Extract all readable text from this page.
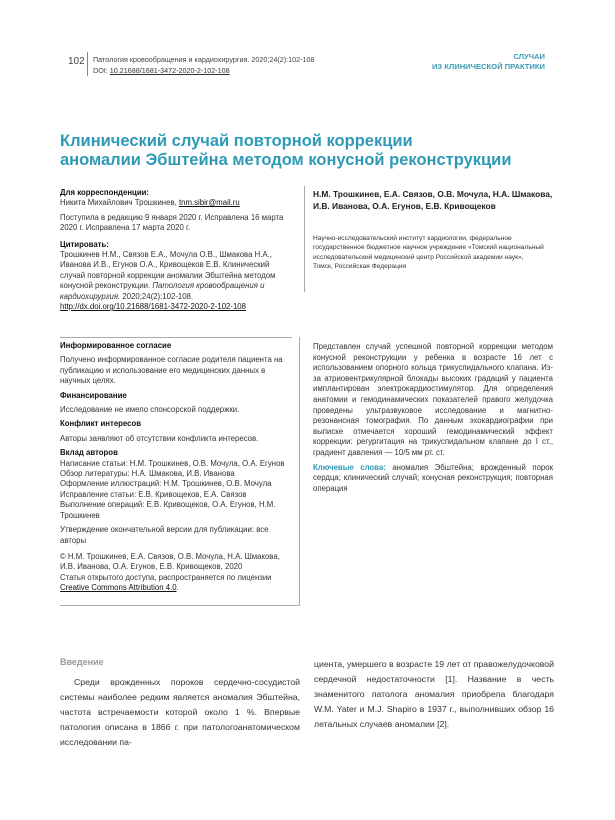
102 Патология кровообращения и кардиохирургия. 2020;24(2):102-108
DOI: 10.21688/1681-3472-2020-2-102-108
СЛУЧАИ
ИЗ КЛИНИЧЕСКОЙ ПРАКТИКИ
Клинический случай повторной коррекции
аномалии Эбштейна методом конусной реконструкции

Для корреспонденции:

Никита Михайлович Трошкинев, tnm.sibir@mail.ru

Поступила в редакцию 9 января 2020 г. Исправлена 16 марта 2020 г. Исправлена 17 марта 2020 г.

Цитировать:

Трошкинев Н.М., Связов Е.А., Мочула О.В., Шмакова Н.А., Иванова И.В., Егунов О.А., Кривощеков Е.В. Клинический случай повторной коррекции аномалии Эбштейна методом конусной реконструкции. Патология кровообращения и кардиохирургия. 2020;24(2):102-108.
http://dx.doi.org/10.21688/1681-3472-2020-2-102-108

Информированное согласие

Получено информированное согласие родителя пациента на публикацию и использование его медицинских данных в научных целях.

Финансирование

Исследование не имело спонсорской поддержки.

Конфликт интересов

Авторы заявляют об отсутствии конфликта интересов.

Вклад авторов

Написание статьи: Н.М. Трошкинев, О.В. Мочула, О.А. Егунов

Обзор литературы: Н.А. Шмакова, И.В. Иванова

Оформление иллюстраций: Н.М. Трошкинев, О.В. Мочула

Исправление статьи: Е.В. Кривощеков, Е.А. Связов

Выполнение операций: Е.В. Кривощеков, О.А. Егунов, Н.М. Трошкинев

Утверждение окончательной версии для публикации: все авторы

© Н.М. Трошкинев, Е.А. Связов, О.В. Мочула, Н.А. Шмакова, И.В. Иванова, О.А. Егунов, Е.В. Кривощеков, 2020

Статья открытого доступа, распространяется по лицензии Creative Commons Attribution 4.0.

Н.М. Трошкинев, Е.А. Связов, О.В. Мочула, Н.А. Шмакова, И.В. Иванова, О.А. Егунов, Е.В. Кривощеков

Научно-исследовательский институт кардиологии, федеральное государственное бюджетное научное учреждение «Томский национальный исследовательский медицинский центр Российской академии наук»,

Томск, Российская Федерация

Представлен случай успешной повторной коррекции методом конусной реконструкции у ребенка в возрасте 16 лет с использованием опорного кольца трикуспидального клапана. Из-за атриовентрикулярной блокады высоких градаций у пациента имплантирован электрокардиостимулятор. Для определения анатомии и гемодинамических показателей правого желудочка проведены ультразвуковое исследование и магнитно-резонансная томография. По данным эхокардиографии при выписке отмечается хороший гемодинамический эффект коррекции: регургитация на трикуспидальном клапане до I ст., градиент давления — 10/5 мм рт. ст.

Ключевые слова: аномалия Эбштейна; врожденный порок сердца; клинический случай; конусная реконструкция; повторная операция

Введение
Среди врожденных пороков сердечно-сосудистой системы наиболее редким является аномалия Эбштейна, частота встречаемости которой около 1 %. Впервые патология описана в 1866 г. при патологоанатомическом исследовании па-
циента, умершего в возрасте 19 лет от правожелудочковой сердечной недостаточности [1]. Название в честь знаменитого патолога аномалия приобрела благодаря W.M. Yater и M.J. Shapiro в 1937 г., выполнивших обзор 16 летальных случаев аномалии [2].
